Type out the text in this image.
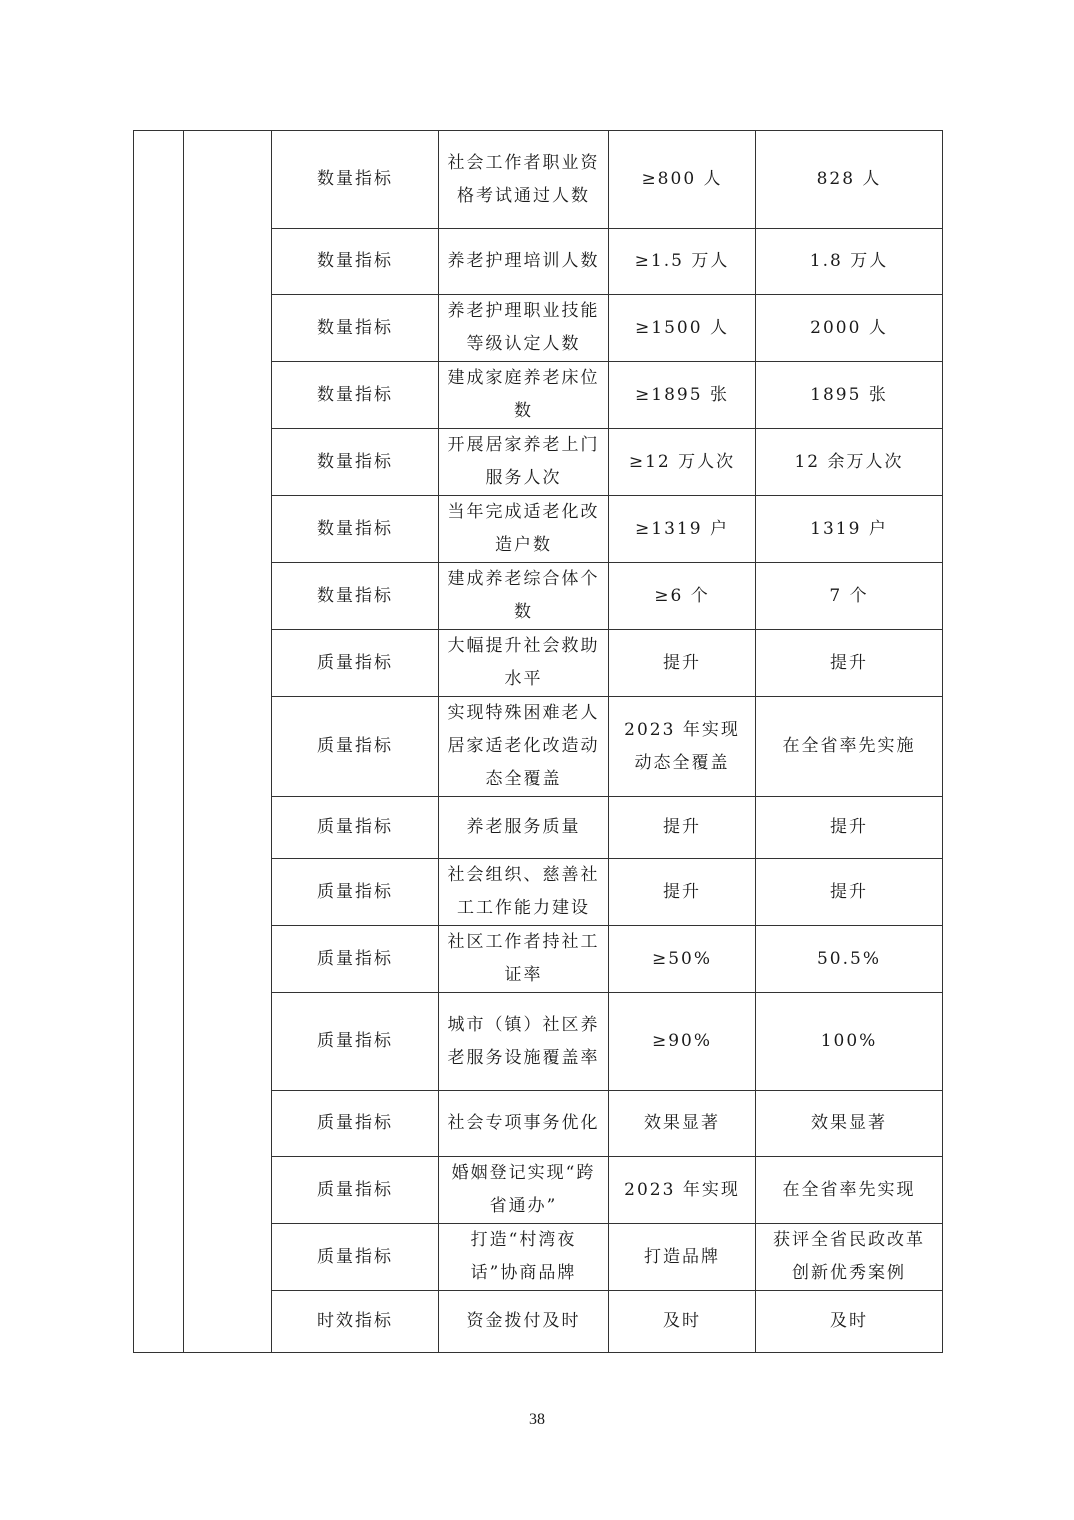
		数量指标	社会工作者职业资格考试通过人数	≥800 人	828 人
		数量指标	养老护理培训人数	≥1.5 万人	1.8 万人
		数量指标	养老护理职业技能等级认定人数	≥1500 人	2000 人
		数量指标	建成家庭养老床位数	≥1895 张	1895 张
		数量指标	开展居家养老上门服务人次	≥12 万人次	12 余万人次
		数量指标	当年完成适老化改造户数	≥1319 户	1319 户
		数量指标	建成养老综合体个数	≥6 个	7 个
		质量指标	大幅提升社会救助水平	提升	提升
		质量指标	实现特殊困难老人居家适老化改造动态全覆盖	2023 年实现动态全覆盖	在全省率先实施
		质量指标	养老服务质量	提升	提升
		质量指标	社会组织、慈善社工工作能力建设	提升	提升
		质量指标	社区工作者持社工证率	≥50%	50.5%
		质量指标	城市（镇）社区养老服务设施覆盖率	≥90%	100%
		质量指标	社会专项事务优化	效果显著	效果显著
		质量指标	婚姻登记实现“跨省通办”	2023 年实现	在全省率先实现
		质量指标	打造“村湾夜话”协商品牌	打造品牌	获评全省民政改革创新优秀案例
		时效指标	资金拨付及时	及时	及时
38
